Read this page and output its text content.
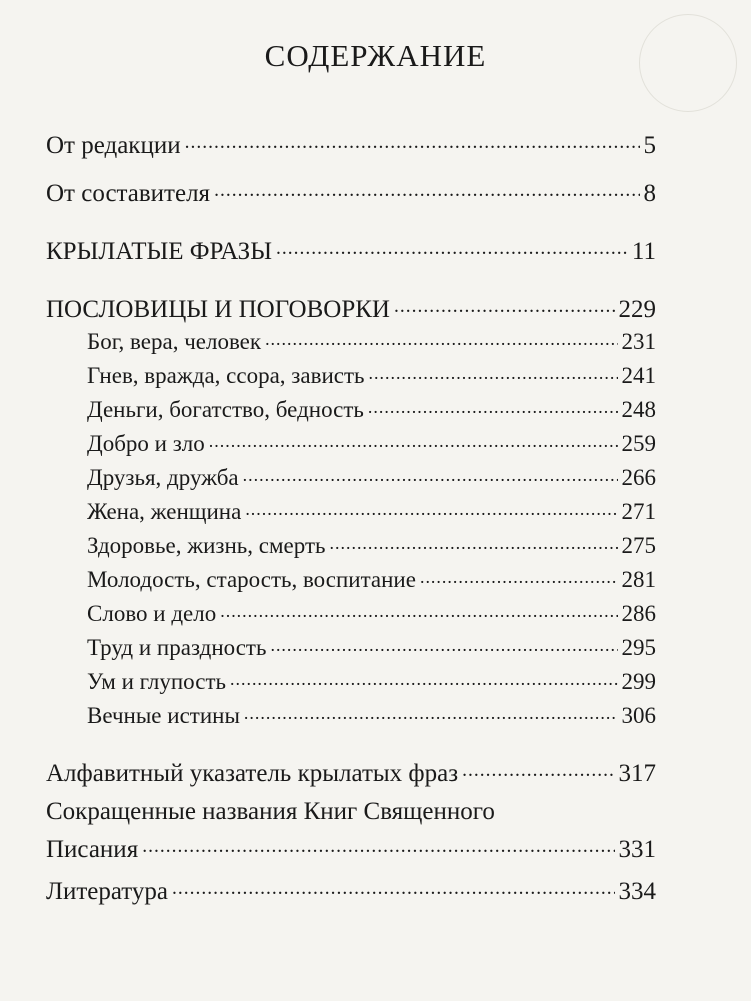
СОДЕРЖАНИЕ
От редакции .....	5
От составителя .....	8
КРЫЛАТЫЕ ФРАЗЫ .....	11
ПОСЛОВИЦЫ И ПОГОВОРКИ .....	229
Бог, вера, человек .....	231
Гнев, вражда, ссора, зависть .....	241
Деньги, богатство, бедность .....	248
Добро и зло .....	259
Друзья, дружба .....	266
Жена, женщина .....	271
Здоровье, жизнь, смерть .....	275
Молодость, старость, воспитание .....	281
Слово и дело .....	286
Труд и праздность .....	295
Ум и глупость .....	299
Вечные истины .....	306
Алфавитный указатель крылатых фраз .....	317
Сокращенные названия Книг Священного
Писания .....	331
Литература .....	334
